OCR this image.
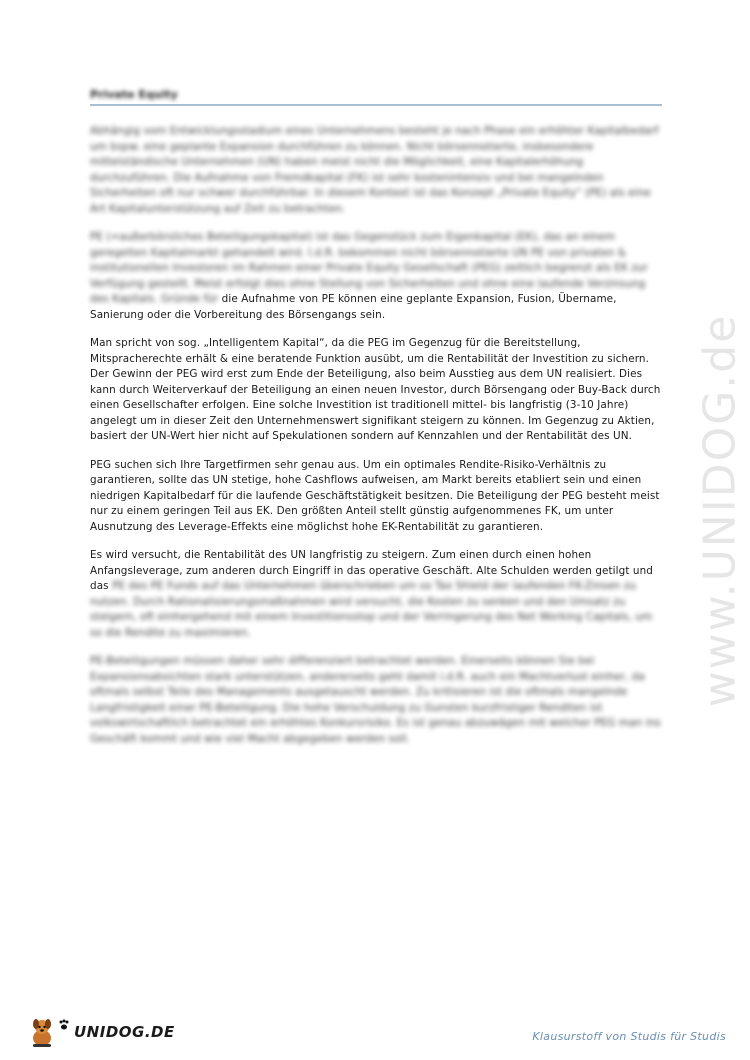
Private Equity

Abhängig vom Entwicklungsstadium eines Unternehmens besteht je nach Phase ein erhöhter Kapitalbedarf um bspw. eine geplante Expansion durchführen zu können. Nicht börsennotierte, insbesondere mittelständische Unternehmen (UN) haben meist nicht die Möglichkeit, eine Kapitalerhöhung durchzuführen. Die Aufnahme von Fremdkapital (FK) ist sehr kostenintensiv und bei mangelnden Sicherheiten oft nur schwer durchführbar. In diesem Kontext ist das Konzept „Private Equity“ (PE) als eine Art Kapitalunterstützung auf Zeit zu betrachten.

PE (=außerbörsliches Beteiligungskapital) ist das Gegenstück zum Eigenkapital (EK), das an einem geregelten Kapitalmarkt gehandelt wird. I.d.R. bekommen nicht börsennotierte UN PE von privaten & institutionellen Investoren im Rahmen einer Private Equity Gesellschaft (PEG) zeitlich begrenzt als EK zur Verfügung gestellt. Meist erfolgt dies ohne Stellung von Sicherheiten und ohne eine laufende Verzinsung des Kapitals. Gründe für die Aufnahme von PE können eine geplante Expansion, Fusion, Übername, Sanierung oder die Vorbereitung des Börsengangs sein.

Man spricht von sog. „Intelligentem Kapital“, da die PEG im Gegenzug für die Bereitstellung, Mitspracherechte erhält & eine beratende Funktion ausübt, um die Rentabilität der Investition zu sichern. Der Gewinn der PEG wird erst zum Ende der Beteiligung, also beim Ausstieg aus dem UN realisiert. Dies kann durch Weiterverkauf der Beteiligung an einen neuen Investor, durch Börsengang oder Buy-Back durch einen Gesellschafter erfolgen. Eine solche Investition ist traditionell mittel- bis langfristig (3-10 Jahre) angelegt um in dieser Zeit den Unternehmenswert signifikant steigern zu können. Im Gegenzug zu Aktien, basiert der UN-Wert hier nicht auf Spekulationen sondern auf Kennzahlen und der Rentabilität des UN.

PEG suchen sich Ihre Targetfirmen sehr genau aus. Um ein optimales Rendite-Risiko-Verhältnis zu garantieren, sollte das UN stetige, hohe Cashflows aufweisen, am Markt bereits etabliert sein und einen niedrigen Kapitalbedarf für die laufende Geschäftstätigkeit besitzen. Die Beteiligung der PEG besteht meist nur zu einem geringen Teil aus EK. Den größten Anteil stellt günstig aufgenommenes FK, um unter Ausnutzung des Leverage-Effekts eine möglichst hohe EK-Rentabilität zu garantieren.

Es wird versucht, die Rentabilität des UN langfristig zu steigern. Zum einen durch einen hohen Anfangsleverage, zum anderen durch Eingriff in das operative Geschäft. Alte Schulden werden getilgt und das PE des PE Funds auf das Unternehmen überschrieben um so Tax Shield der laufenden FK-Zinsen zu nutzen. Durch Rationalisierungsmaßnahmen wird versucht, die Kosten zu senken und den Umsatz zu steigern, oft einhergehend mit einem Investitionsstop und der Verringerung des Net Working Capitals, um so die Rendite zu maximieren.

PE-Beteiligungen müssen daher sehr differenziert betrachtet werden. Einerseits können Sie bei Expansionsabsichten stark unterstützen, andererseits geht damit i.d.R. auch ein Machtverlust einher, da oftmals selbst Teile des Managements ausgetauscht werden. Zu kritisieren ist die oftmals mangelnde Langfristigkeit einer PE-Beteiligung. Die hohe Verschuldung zu Gunsten kurzfristiger Renditen ist volkswirtschaftlich betrachtet ein erhöhtes Konkursrisiko. Es ist genau abzuwägen mit welcher PEG man ins Geschäft kommt und wie viel Macht abgegeben werden soll.

www.UNIDOG.de
UNIDOG.DE	Klausurstoff von Studis für Studis
